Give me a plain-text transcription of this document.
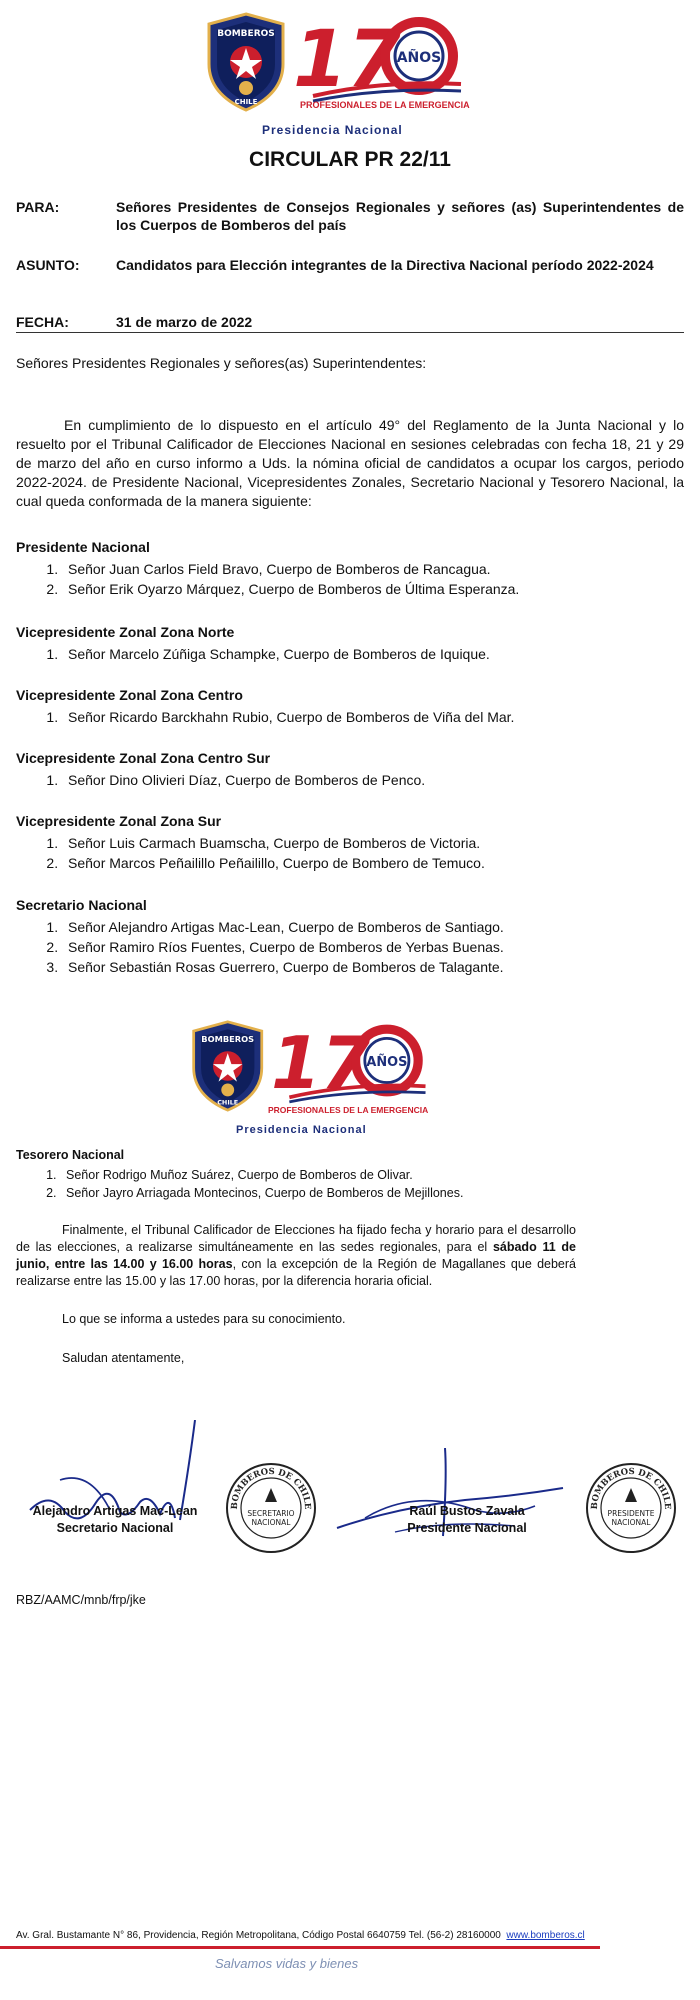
BOMBEROS
CHILE 17
AÑOS
PROFESIONALES DE LA EMERGENCIA
Presidencia Nacional
CIRCULAR PR 22/11
PARA:	Señores Presidentes de Consejos Regionales y señores (as) Superintendentes de los Cuerpos de Bomberos del país
ASUNTO:	Candidatos para Elección integrantes de la Directiva Nacional período 2022-2024
FECHA:	31 de marzo de 2022
Señores Presidentes Regionales y señores(as) Superintendentes:
En cumplimiento de lo dispuesto en el artículo 49° del Reglamento de la Junta Nacional y lo resuelto por el Tribunal Calificador de Elecciones Nacional en sesiones celebradas con fecha 18, 21 y 29 de marzo del año en curso informo a Uds. la nómina oficial de candidatos a ocupar los cargos, periodo 2022-2024. de Presidente Nacional, Vicepresidentes Zonales, Secretario Nacional y Tesorero Nacional, la cual queda conformada de la manera siguiente:
Presidente Nacional
1. Señor Juan Carlos Field Bravo, Cuerpo de Bomberos de Rancagua.
2. Señor Erik Oyarzo Márquez, Cuerpo de Bomberos de Última Esperanza.
Vicepresidente Zonal Zona Norte
1. Señor Marcelo Zúñiga Schampke, Cuerpo de Bomberos de Iquique.
Vicepresidente Zonal Zona Centro
1. Señor Ricardo Barckhahn Rubio, Cuerpo de Bomberos de Viña del Mar.
Vicepresidente Zonal Zona Centro Sur
1. Señor Dino Olivieri Díaz, Cuerpo de Bomberos de Penco.
Vicepresidente Zonal Zona Sur
1. Señor Luis Carmach Buamscha, Cuerpo de Bomberos de Victoria.
2. Señor Marcos Peñailillo Peñailillo, Cuerpo de Bombero de Temuco.
Secretario Nacional
1. Señor Alejandro Artigas Mac-Lean, Cuerpo de Bomberos de Santiago.
2. Señor Ramiro Ríos Fuentes, Cuerpo de Bomberos de Yerbas Buenas.
3. Señor Sebastián Rosas Guerrero, Cuerpo de Bomberos de Talagante.
BOMBEROS
CHILE 17
AÑOS
PROFESIONALES DE LA EMERGENCIA
Presidencia Nacional
Tesorero Nacional
1. Señor Rodrigo Muñoz Suárez, Cuerpo de Bomberos de Olivar.
2. Señor Jayro Arriagada Montecinos, Cuerpo de Bomberos de Mejillones.
Finalmente, el Tribunal Calificador de Elecciones ha fijado fecha y horario para el desarrollo de las elecciones, a realizarse simultáneamente en las sedes regionales, para el sábado 11 de junio, entre las 14.00 y 16.00 horas, con la excepción de la Región de Magallanes que deberá realizarse entre las 15.00 y las 17.00 horas, por la diferencia horaria oficial.
Lo que se informa a ustedes para su conocimiento.
Saludan atentamente,
Alejandro Artigas Mac-Lean
Secretario Nacional
BOMBEROS DE CHILE
SECRETARIO
NACIONAL
Raúl Bustos Zavala
Presidente Nacional
BOMBEROS DE CHILE
PRESIDENTE
NACIONAL
RBZ/AAMC/mnb/frp/jke
Av. Gral. Bustamante N° 86, Providencia, Región Metropolitana, Código Postal 6640759 Tel. (56-2) 28160000 www.bomberos.cl
Salvamos vidas y bienes
